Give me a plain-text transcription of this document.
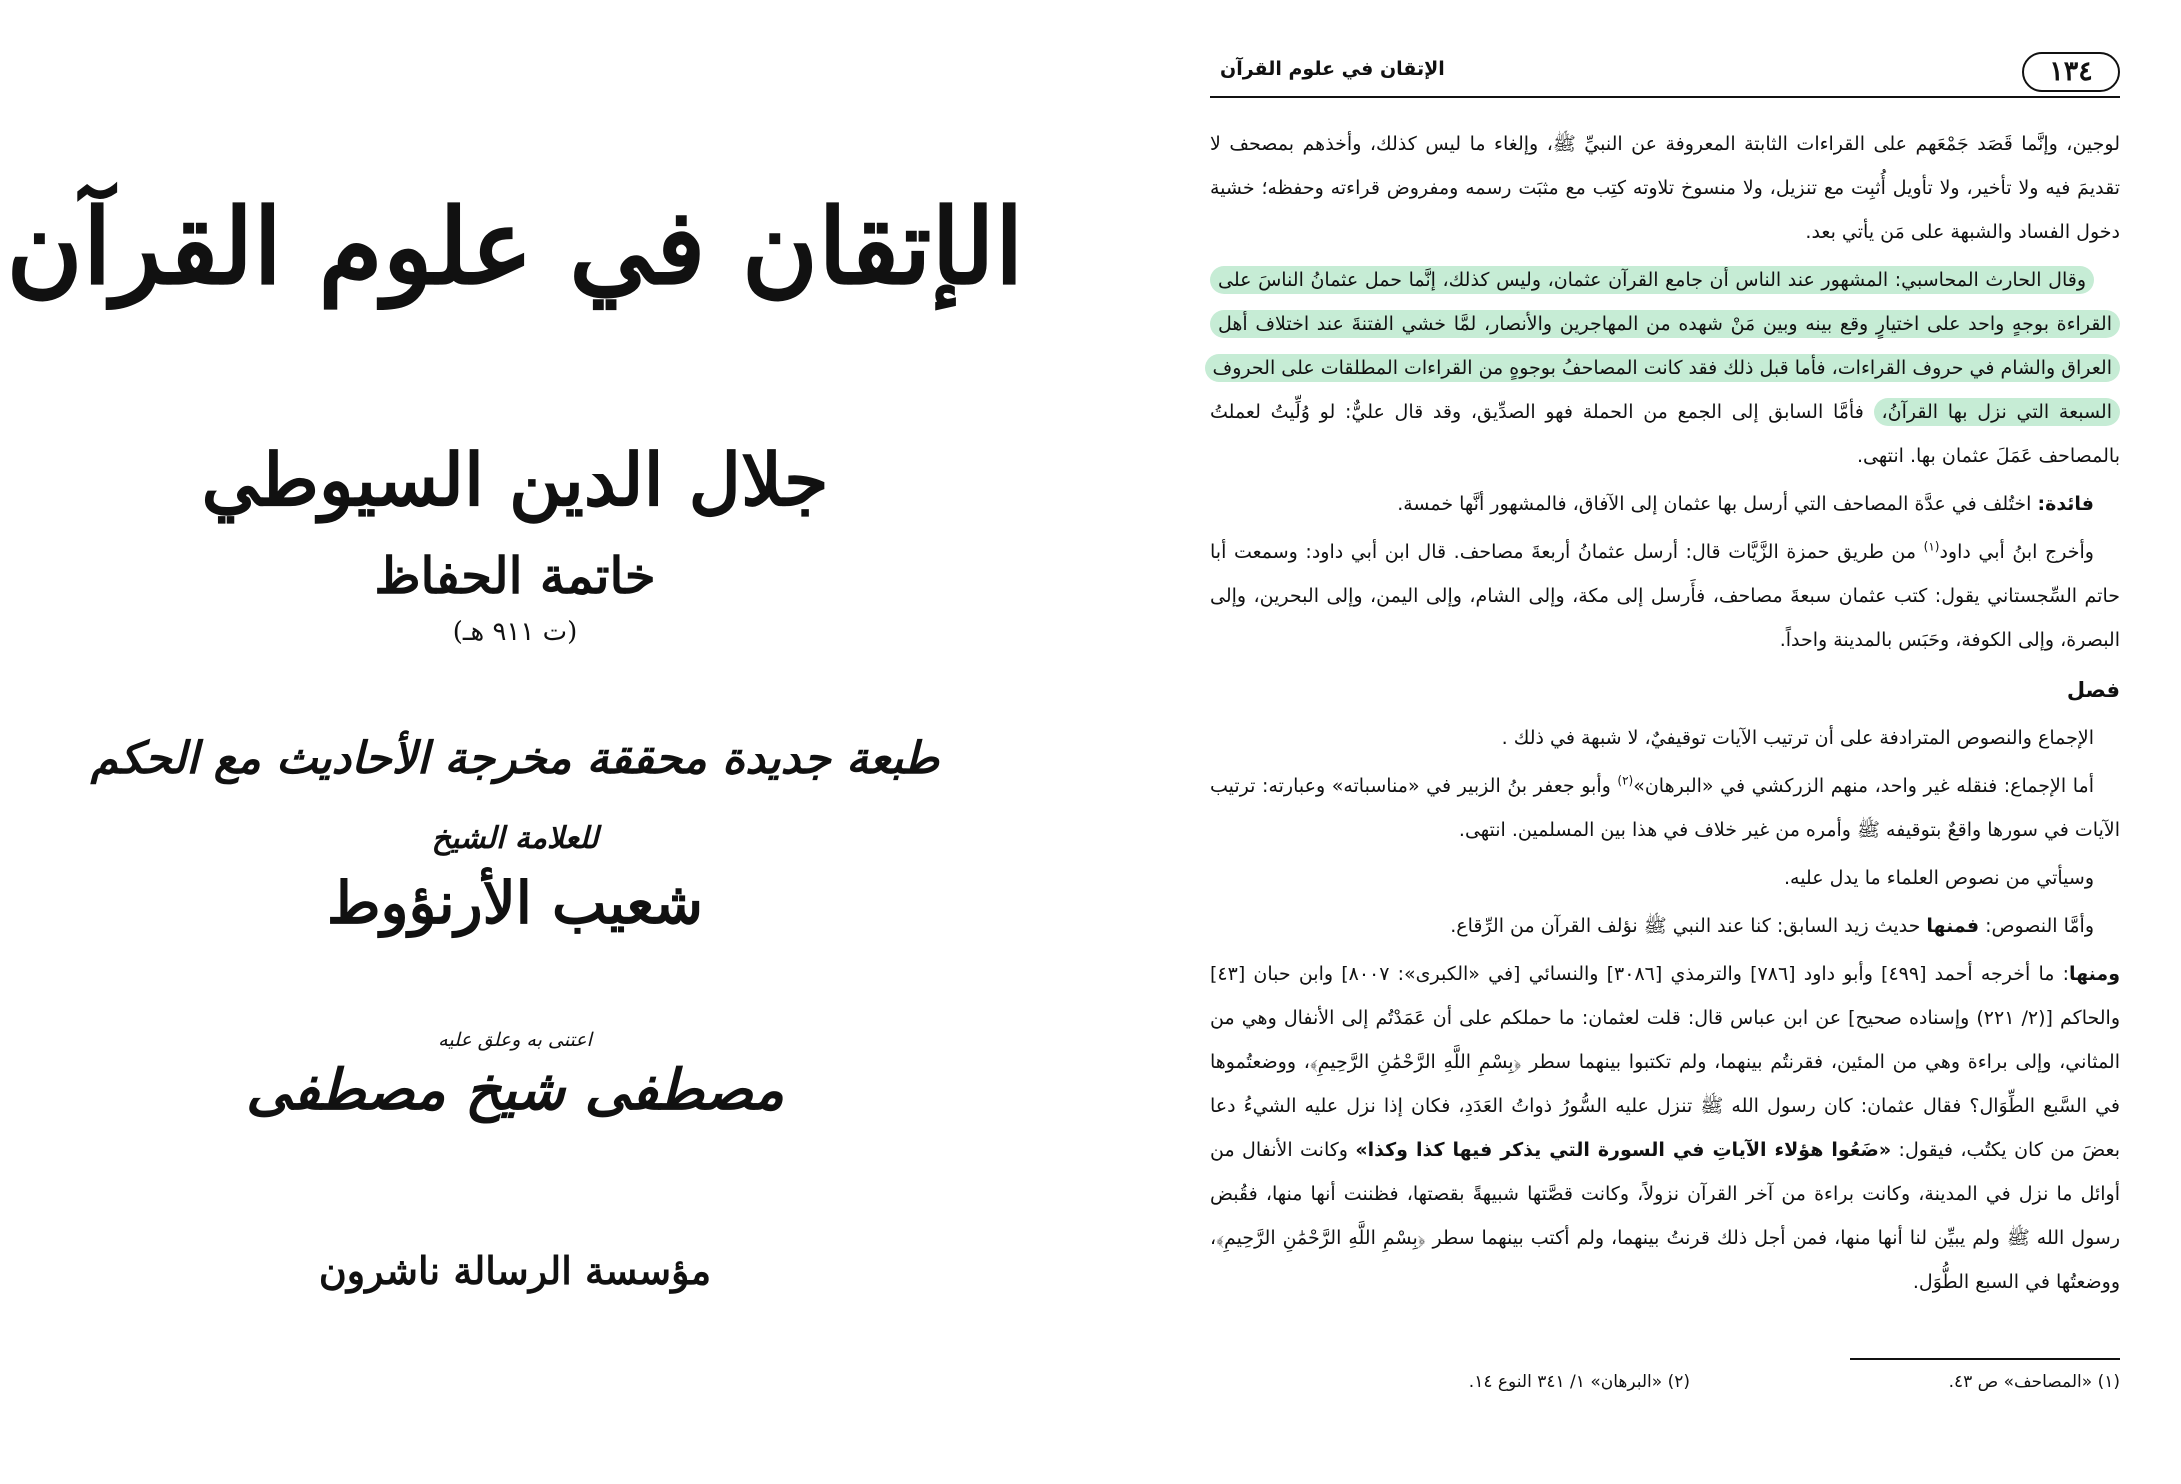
الإتقان في علوم القرآن
جلال الدين السيوطي
خاتمة الحفاظ
(ت ٩١١ هـ)
طبعة جديدة محققة مخرجة الأحاديث مع الحكم
للعلامة الشيخ
شعيب الأرنؤوط
اعتنى به وعلق عليه
مصطفى شيخ مصطفى
مؤسسة الرسالة ناشرون
١٣٤
الإتقان في علوم القرآن

لوجين، وإنَّما قَصَد جَمْعَهم على القراءات الثابتة المعروفة عن النبيِّ ﷺ، وإلغاء ما ليس كذلك، وأخذهم بمصحف لا تقديمَ فيه ولا تأخير، ولا تأويل أُثبِت مع تنزيل، ولا منسوخ تلاوته كتِب مع مثبَت رسمه ومفروض قراءته وحفظه؛ خشية دخول الفساد والشبهة على مَن يأتي بعد.

وقال الحارث المحاسبي: المشهور عند الناس أن جامع القرآن عثمان، وليس كذلك، إنَّما حمل عثمانُ الناسَ على القراءة بوجهٍ واحد على اختيارٍ وقع بينه وبين مَنْ شهده من المهاجرين والأنصار، لمَّا خشي الفتنةَ عند اختلاف أهل العراق والشام في حروف القراءات، فأما قبل ذلك فقد كانت المصاحفُ بوجوهٍ من القراءات المطلقات على الحروف السبعة التي نزل بها القرآنُ، فأمَّا السابق إلى الجمع من الحملة فهو الصدِّيق، وقد قال عليٌّ: لو وُلِّيتُ لعملتُ بالمصاحف عَمَلَ عثمان بها. انتهى.

فائدة: اختُلف في عدَّة المصاحف التي أرسل بها عثمان إلى الآفاق، فالمشهور أنَّها خمسة.

وأخرج ابنُ أبي داود$^{(١)}$ من طريق حمزة الزَّيَّات قال: أرسل عثمانُ أربعةَ مصاحف. قال ابن أبي داود: وسمعت أبا حاتم السِّجستاني يقول: كتب عثمان سبعةَ مصاحف، فأَرسل إلى مكة، وإلى الشام، وإلى اليمن، وإلى البحرين، وإلى البصرة، وإلى الكوفة، وحَبَس بالمدينة واحداً.

فصل

الإجماع والنصوص المترادفة على أن ترتيب الآيات توقيفيٌ، لا شبهة في ذلك .

أما الإجماع: فنقله غير واحد، منهم الزركشي في «البرهان»$^{(٢)}$ وأبو جعفر بنُ الزبير في «مناسباته» وعبارته: ترتيب الآيات في سورها واقعٌ بتوقيفه ﷺ وأمره من غير خلاف في هذا بين المسلمين. انتهى.

وسيأتي من نصوص العلماء ما يدل عليه.

وأمَّا النصوص: فمنها حديث زيد السابق: كنا عند النبي ﷺ نؤلف القرآن من الرِّقاع.

ومنها: ما أخرجه أحمد [٤٩٩] وأبو داود [٧٨٦] والترمذي [٣٠٨٦] والنسائي [في «الكبرى»: ٨٠٠٧] وابن حبان [٤٣] والحاكم [(٢/ ٢٢١) وإسناده صحيح] عن ابن عباس قال: قلت لعثمان: ما حملكم على أن عَمَدْتُم إلى الأنفال وهي من المثاني، وإلى براءة وهي من المئين، فقرنتُم بينهما، ولم تكتبوا بينهما سطر ﴿بِسْمِ اللَّهِ الرَّحْمَٰنِ الرَّحِيمِ﴾، ووضعتُموها في السَّبع الطِّوَال؟ فقال عثمان: كان رسول الله ﷺ تنزل عليه السُّورُ ذواتُ العَدَدِ، فكان إذا نزل عليه الشيءُ دعا بعضَ من كان يكتُب، فيقول: «ضَعُوا هؤلاء الآياتِ في السورة التي يذكر فيها كذا وكذا» وكانت الأنفال من أوائل ما نزل في المدينة، وكانت براءة من آخر القرآن نزولاً، وكانت قصَّتها شبيهةً بقصتها، فظننت أنها منها، فقُبض رسول الله ﷺ ولم يبيِّن لنا أنها منها، فمن أجل ذلك قرنتُ بينهما، ولم أكتب بينهما سطر ﴿بِسْمِ اللَّهِ الرَّحْمَٰنِ الرَّحِيمِ﴾، ووضعتُها في السبع الطُّوَل.

(١) «المصاحف» ص ٤٣.
(٢) «البرهان» ١/ ٣٤١ النوع ١٤.
